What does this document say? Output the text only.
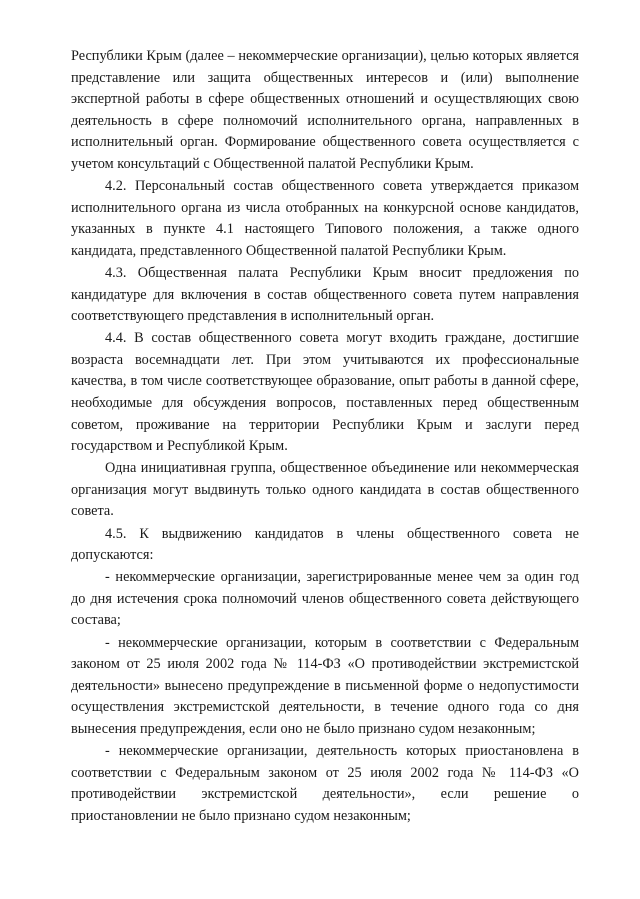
Республики Крым (далее – некоммерческие организации), целью которых является представление или защита общественных интересов и (или) выполнение экспертной работы в сфере общественных отношений и осуществляющих свою деятельность в сфере полномочий исполнительного органа, направленных в исполнительный орган. Формирование общественного совета осуществляется с учетом консультаций с Общественной палатой Республики Крым.

4.2. Персональный состав общественного совета утверждается приказом исполнительного органа из числа отобранных на конкурсной основе кандидатов, указанных в пункте 4.1 настоящего Типового положения, а также одного кандидата, представленного Общественной палатой Республики Крым.

4.3. Общественная палата Республики Крым вносит предложения по кандидатуре для включения в состав общественного совета путем направления соответствующего представления в исполнительный орган.

4.4. В состав общественного совета могут входить граждане, достигшие возраста восемнадцати лет. При этом учитываются их профессиональные качества, в том числе соответствующее образование, опыт работы в данной сфере, необходимые для обсуждения вопросов, поставленных перед общественным советом, проживание на территории Республики Крым и заслуги перед государством и Республикой Крым.

Одна инициативная группа, общественное объединение или некоммерческая организация могут выдвинуть только одного кандидата в состав общественного совета.

4.5. К выдвижению кандидатов в члены общественного совета не допускаются:

- некоммерческие организации, зарегистрированные менее чем за один год до дня истечения срока полномочий членов общественного совета действующего состава;

- некоммерческие организации, которым в соответствии с Федеральным законом от 25 июля 2002 года № 114-ФЗ «О противодействии экстремистской деятельности» вынесено предупреждение в письменной форме о недопустимости осуществления экстремистской деятельности, в течение одного года со дня вынесения предупреждения, если оно не было признано судом незаконным;

- некоммерческие организации, деятельность которых приостановлена в соответствии с Федеральным законом от 25 июля 2002 года № 114-ФЗ «О противодействии экстремистской деятельности», если решение о приостановлении не было признано судом незаконным;
